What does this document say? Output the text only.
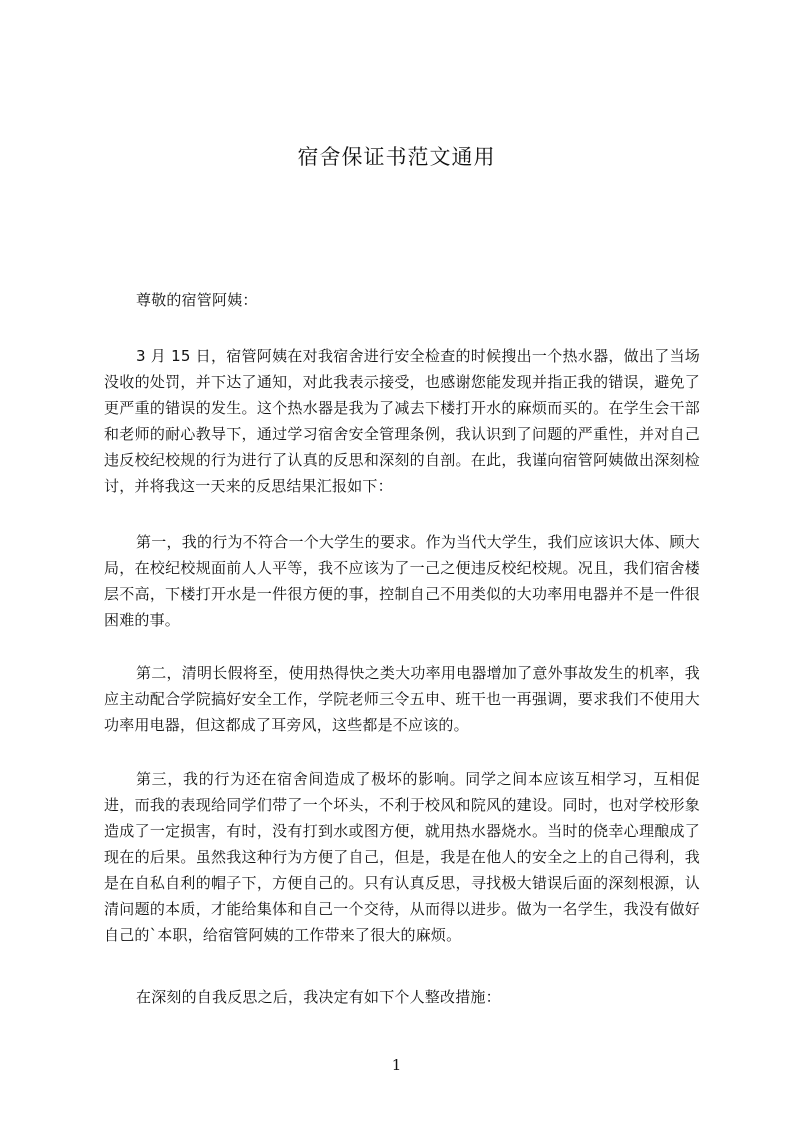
宿舍保证书范文通用

尊敬的宿管阿姨：

3 月 15 日，宿管阿姨在对我宿舍进行安全检查的时候搜出一个热水器，做出了当场没收的处罚，并下达了通知，对此我表示接受，也感谢您能发现并指正我的错误，避免了更严重的错误的发生。这个热水器是我为了减去下楼打开水的麻烦而买的。在学生会干部和老师的耐心教导下，通过学习宿舍安全管理条例，我认识到了问题的严重性，并对自己违反校纪校规的行为进行了认真的反思和深刻的自剖。在此，我谨向宿管阿姨做出深刻检讨，并将我这一天来的反思结果汇报如下：

第一，我的行为不符合一个大学生的要求。作为当代大学生，我们应该识大体、顾大局，在校纪校规面前人人平等，我不应该为了一己之便违反校纪校规。况且，我们宿舍楼层不高，下楼打开水是一件很方便的事，控制自己不用类似的大功率用电器并不是一件很困难的事。

第二，清明长假将至，使用热得快之类大功率用电器增加了意外事故发生的机率，我应主动配合学院搞好安全工作，学院老师三令五申、班干也一再强调，要求我们不使用大功率用电器，但这都成了耳旁风，这些都是不应该的。

第三，我的行为还在宿舍间造成了极坏的影响。同学之间本应该互相学习，互相促进，而我的表现给同学们带了一个坏头，不利于校风和院风的建设。同时，也对学校形象造成了一定损害，有时，没有打到水或图方便，就用热水器烧水。当时的侥幸心理酿成了现在的后果。虽然我这种行为方便了自己，但是，我是在他人的安全之上的自己得利，我是在自私自利的帽子下，方便自己的。只有认真反思，寻找极大错误后面的深刻根源，认清问题的本质，才能给集体和自己一个交待，从而得以进步。做为一名学生，我没有做好自己的`本职，给宿管阿姨的工作带来了很大的麻烦。

在深刻的自我反思之后，我决定有如下个人整改措施：

1
